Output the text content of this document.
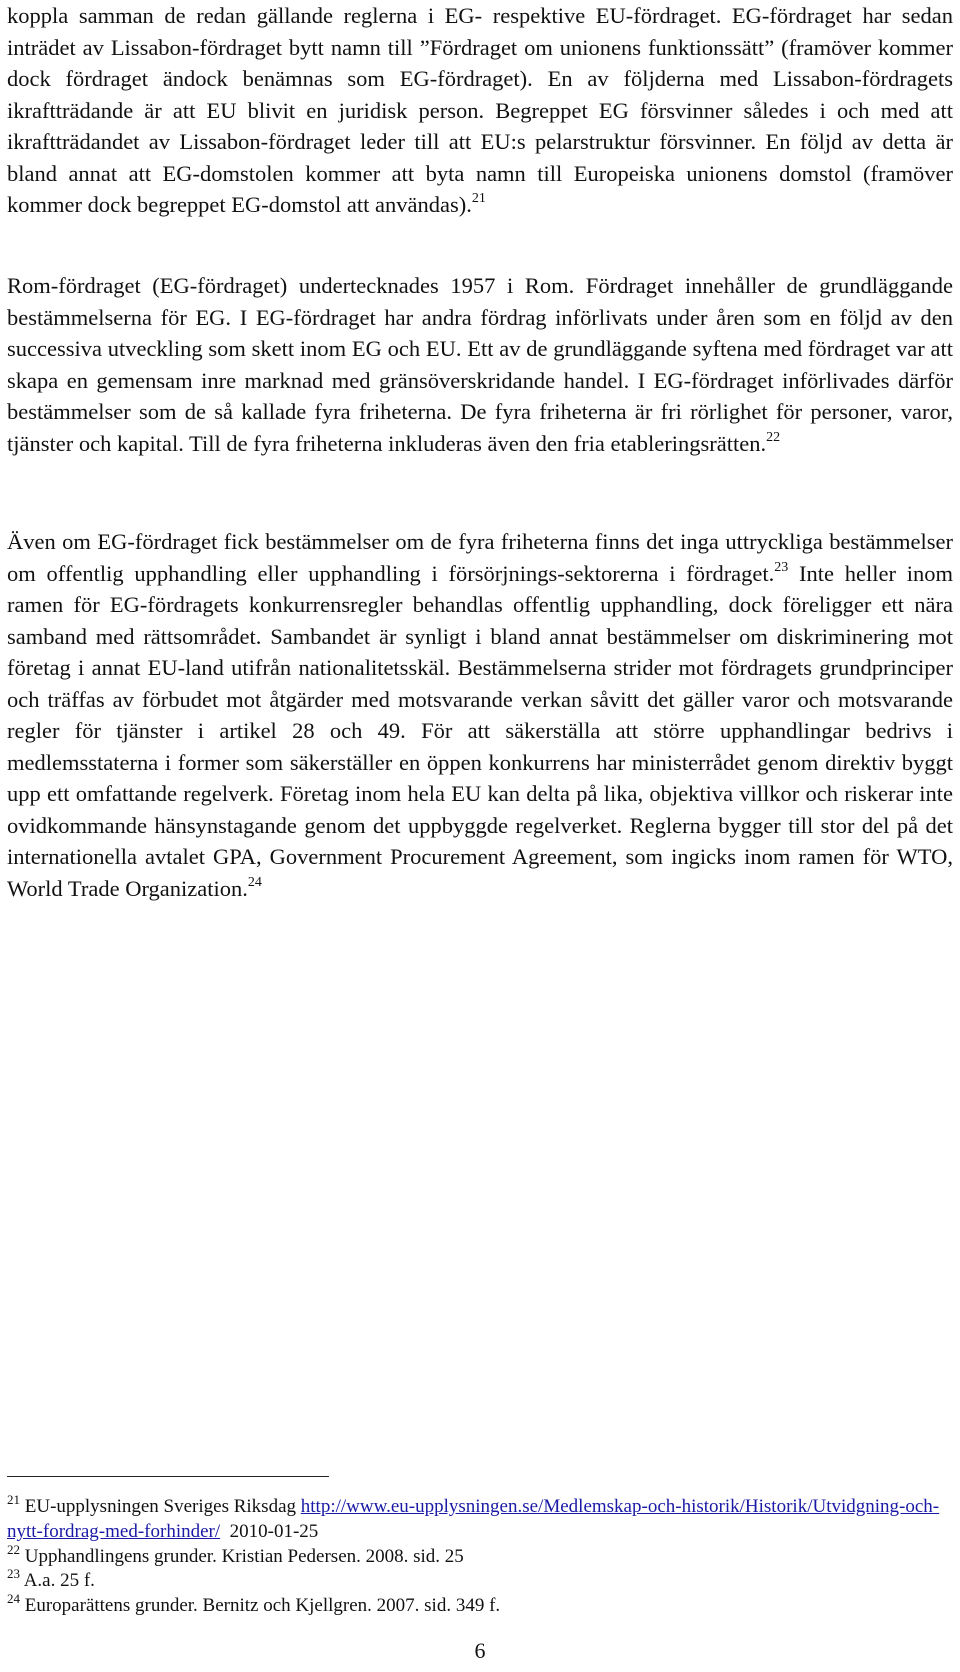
koppla samman de redan gällande reglerna i EG- respektive EU-fördraget. EG-fördraget har sedan inträdet av Lissabon-fördraget bytt namn till ”Fördraget om unionens funktionssätt” (framöver kommer dock fördraget ändock benämnas som EG-fördraget). En av följderna med Lissabon-fördragets ikraftträdande är att EU blivit en juridisk person. Begreppet EG försvinner således i och med att ikraftträdandet av Lissabon-fördraget leder till att EU:s pelarstruktur försvinner. En följd av detta är bland annat att EG-domstolen kommer att byta namn till Europeiska unionens domstol (framöver kommer dock begreppet EG-domstol att användas).$^{21}$

Rom-fördraget (EG-fördraget) undertecknades 1957 i Rom. Fördraget innehåller de grundläggande bestämmelserna för EG. I EG-fördraget har andra fördrag införlivats under åren som en följd av den successiva utveckling som skett inom EG och EU. Ett av de grundläggande syftena med fördraget var att skapa en gemensam inre marknad med gränsöverskridande handel. I EG-fördraget införlivades därför bestämmelser som de så kallade fyra friheterna. De fyra friheterna är fri rörlighet för personer, varor, tjänster och kapital. Till de fyra friheterna inkluderas även den fria etableringsrätten.$^{22}$

Även om EG-fördraget fick bestämmelser om de fyra friheterna finns det inga uttryckliga bestämmelser om offentlig upphandling eller upphandling i försörjnings-sektorerna i fördraget.$^{23}$ Inte heller inom ramen för EG-fördragets konkurrensregler behandlas offentlig upphandling, dock föreligger ett nära samband med rättsområdet. Sambandet är synligt i bland annat bestämmelser om diskriminering mot företag i annat EU-land utifrån nationalitetsskäl. Bestämmelserna strider mot fördragets grundprinciper och träffas av förbudet mot åtgärder med motsvarande verkan såvitt det gäller varor och motsvarande regler för tjänster i artikel 28 och 49. För att säkerställa att större upphandlingar bedrivs i medlemsstaterna i former som säkerställer en öppen konkurrens har ministerrådet genom direktiv byggt upp ett omfattande regelverk. Företag inom hela EU kan delta på lika, objektiva villkor och riskerar inte ovidkommande hänsynstagande genom det uppbyggde regelverket. Reglerna bygger till stor del på det internationella avtalet GPA, Government Procurement Agreement, som ingicks inom ramen för WTO, World Trade Organization.$^{24}$

$^{21}$ EU-upplysningen Sveriges Riksdag http://www.eu-upplysningen.se/Medlemskap-och-historik/Historik/Utvidgning-och-nytt-fordrag-med-forhinder/  2010-01-25

$^{22}$ Upphandlingens grunder. Kristian Pedersen. 2008. sid. 25

$^{23}$ A.a. 25 f.

$^{24}$ Europarättens grunder. Bernitz och Kjellgren. 2007. sid. 349 f.

6
